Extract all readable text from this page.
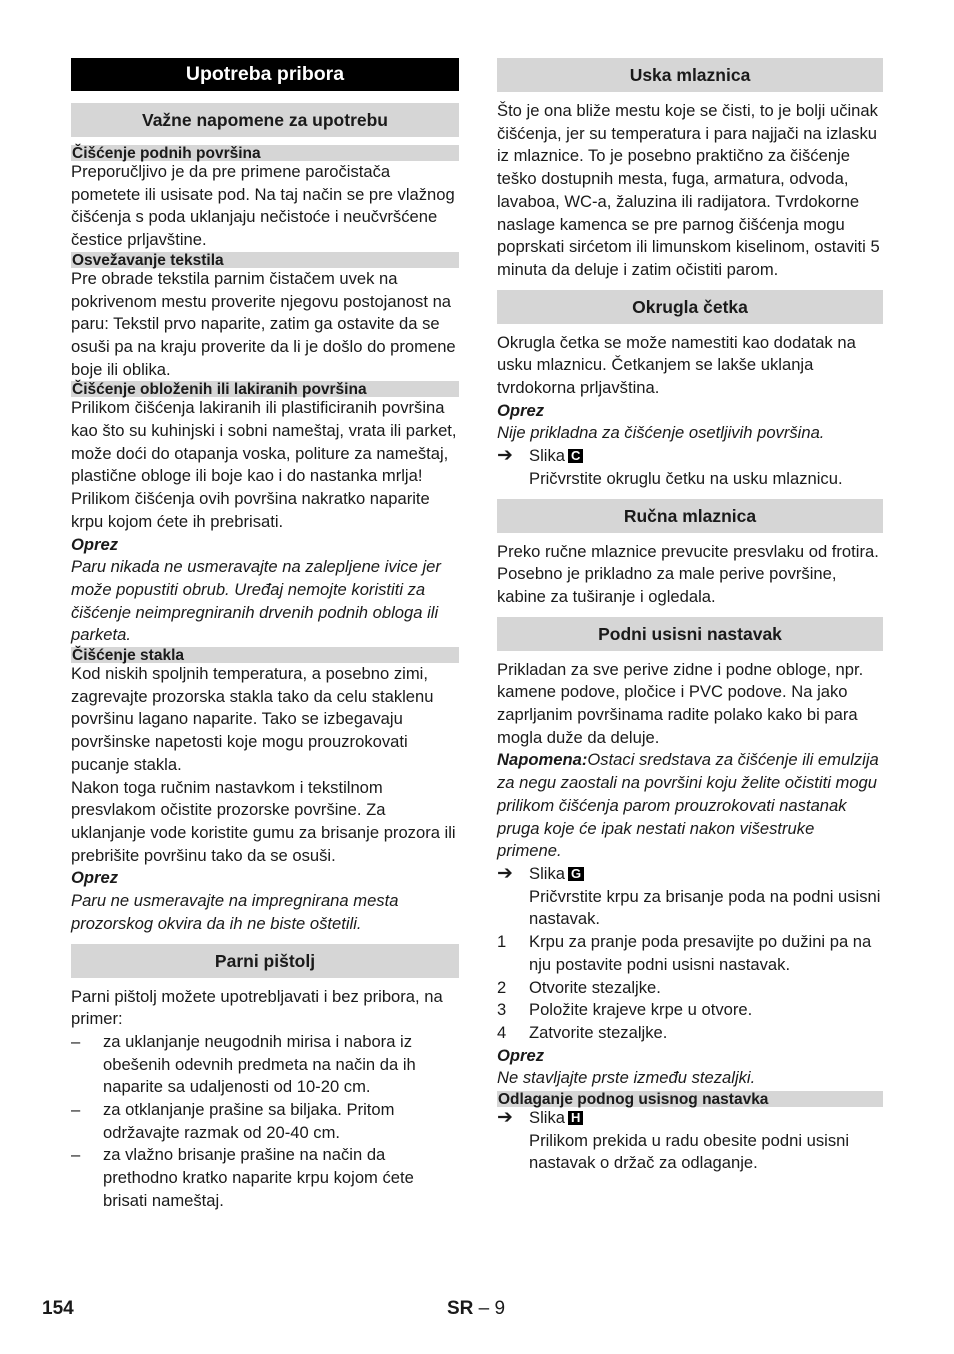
Upotreba pribora
Važne napomene za upotrebu
Čišćenje podnih površina

Preporučljivo je da pre primene paročistača pometete ili usisate pod. Na taj način se pre vlažnog čišćenja s poda uklanjaju nečistoće i neučvršćene čestice prljavštine.

Osvežavanje tekstila

Pre obrade tekstila parnim čistačem uvek na pokrivenom mestu proverite njegovu postojanost na paru: Tekstil prvo naparite, zatim ga ostavite da se osuši pa na kraju proverite da li je došlo do promene boje ili oblika.

Čišćenje obloženih ili lakiranih površina

Prilikom čišćenja lakiranih ili plastificiranih površina kao što su kuhinjski i sobni nameštaj, vrata ili parket, može doći do otapanja voska, politure za nameštaj, plastične obloge ili boje kao i do nastanka mrlja! Prilikom čišćenja ovih površina nakratko naparite krpu kojom ćete ih prebrisati.

Oprez

Paru nikada ne usmeravajte na zalepljene ivice jer može popustiti obrub. Uređaj nemojte koristiti za čišćenje neimpregniranih drvenih podnih obloga ili parketa.

Čišćenje stakla

Kod niskih spoljnih temperatura, a posebno zimi, zagrevajte prozorska stakla tako da celu staklenu površinu lagano naparite. Tako se izbegavaju površinske napetosti koje mogu prouzrokovati pucanje stakla.

Nakon toga ručnim nastavkom i tekstilnom presvlakom očistite prozorske površine. Za uklanjanje vode koristite gumu za brisanje prozora ili prebrišite površinu tako da se osuši.

Oprez

Paru ne usmeravajte na impregnirana mesta prozorskog okvira da ih ne biste oštetili.

Parni pištolj

Parni pištolj možete upotrebljavati i bez pribora, na primer:

–	za uklanjanje neugodnih mirisa i nabora iz obešenih odevnih predmeta na način da ih naparite sa udaljenosti od 10-20 cm.
–	za otklanjanje prašine sa biljaka. Pritom održavajte razmak od 20-40 cm.
–	za vlažno brisanje prašine na način da prethodno kratko naparite krpu kojom ćete brisati nameštaj.
Uska mlaznica

Što je ona bliže mestu koje se čisti, to je bolji učinak čišćenja, jer su temperatura i para najjači na izlasku iz mlaznice. To je posebno praktično za čišćenje teško dostupnih mesta, fuga, armatura, odvoda, lavaboa, WC-a, žaluzina ili radijatora. Tvrdokorne naslage kamenca se pre parnog čišćenja mogu poprskati sirćetom ili limunskom kiselinom, ostaviti 5 minuta da deluje i zatim očistiti parom.

Okrugla četka

Okrugla četka se može namestiti kao dodatak na usku mlaznicu. Četkanjem se lakše uklanja tvrdokorna prljavština.

Oprez

Nije prikladna za čišćenje osetljivih površina.

➔ Slika C
Pričvrstite okruglu četku na usku mlaznicu.
Ručna mlaznica

Preko ručne mlaznice prevucite presvlaku od frotira. Posebno je prikladno za male perive površine, kabine za tuširanje i ogledala.

Podni usisni nastavak

Prikladan za sve perive zidne i podne obloge, npr. kamene podove, pločice i PVC podove. Na jako zaprljanim površinama radite polako kako bi para mogla duže da deluje.

Napomena:Ostaci sredstava za čišćenje ili emulzija za negu zaostali na površini koju želite očistiti mogu prilikom čišćenja parom prouzrokovati nastanak pruga koje će ipak nestati nakon višestruke primene.

➔ Slika G
Pričvrstite krpu za brisanje poda na podni usisni nastavak.
1	Krpu za pranje poda presavijte po dužini pa na nju postavite podni usisni nastavak.
2	Otvorite stezaljke.
3	Položite krajeve krpe u otvore.
4	Zatvorite stezaljke.

Oprez

Ne stavljajte prste između stezaljki.

Odlaganje podnog usisnog nastavka
➔ Slika H
Prilikom prekida u radu obesite podni usisni nastavak o držač za odlaganje.
154	SR – 9
